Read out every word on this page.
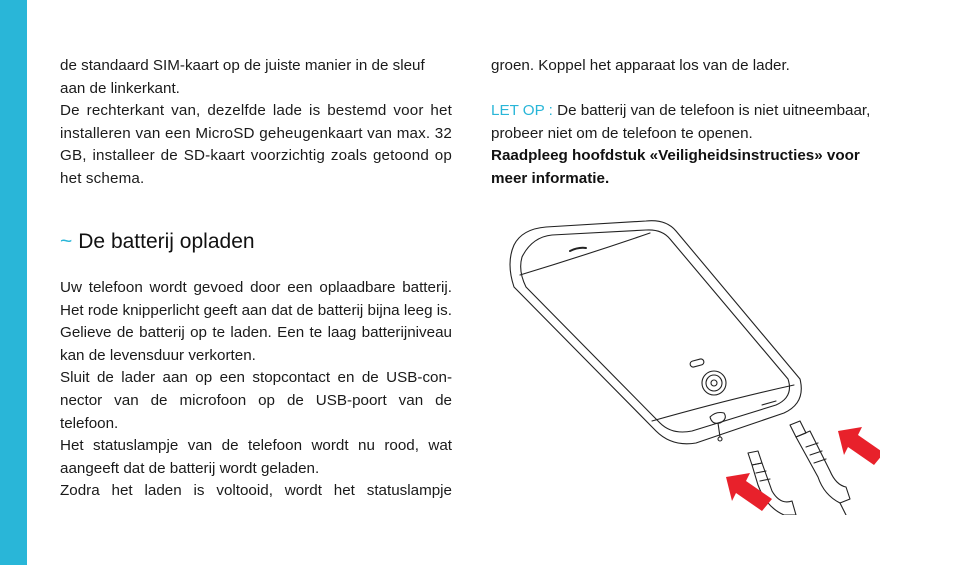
de standaard SIM-kaart op de juiste manier in de sleuf

aan de linkerkant.

De rechterkant van, dezelfde lade is bestemd voor het installeren van een MicroSD geheugenkaart van max. 32 GB, installeer de SD-kaart voorzichtig zoals getoond op het schema.

~ De batterij opladen

Uw telefoon wordt gevoed door een oplaadbare batterij. Het rode knipperlicht geeft aan dat de batterij bijna leeg is. Gelieve de batterij op te laden. Een te laag batterijniveau kan de levensduur verkorten.

Sluit de lader aan op een stopcontact en de USB-connector van de microfoon op de USB-poort van de telefoon.

Het statuslampje van de telefoon wordt nu rood, wat aangeeft dat de batterij wordt geladen.

Zodra het laden is voltooid, wordt het statuslampje

groen. Koppel het apparaat los van de lader.

LET OP : De batterij van de telefoon is niet uitneembaar, probeer niet om de telefoon te openen.

Raadpleeg hoofdstuk «Veiligheidsinstructies» voor meer informatie.
